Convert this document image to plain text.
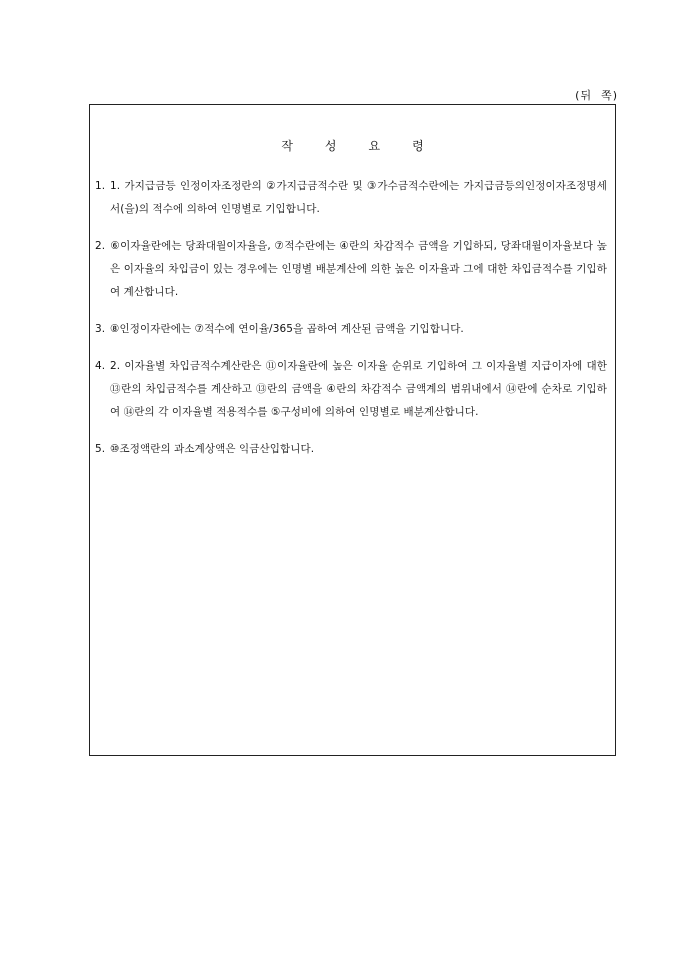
(뒤  쪽)
작	성	요	령
1. 1. 가지급금등 인정이자조정란의 ②가지급금적수란 및 ③가수금적수란에는 가지급금등의인정이자조정명세서(을)의 적수에 의하여 인명별로 기입합니다.
2. ⑥이자율란에는 당좌대월이자율을, ⑦적수란에는 ④란의 차감적수 금액을 기입하되, 당좌대월이자율보다 높은 이자율의 차입금이 있는 경우에는 인명별 배분계산에 의한 높은 이자율과 그에 대한 차입금적수를 기입하여 계산합니다.
3. ⑧인정이자란에는 ⑦적수에 연이율/365을 곱하여 계산된 금액을 기입합니다.
4. 2. 이자율별 차입금적수계산란은 ⑪이자율란에 높은 이자율 순위로 기입하여 그 이자율별 지급이자에 대한 ⑬란의 차입금적수를 계산하고 ⑬란의 금액을 ④란의 차감적수 금액계의 범위내에서 ⑭란에 순차로 기입하여 ⑭란의 각 이자율별 적용적수를 ⑤구성비에 의하여 인명별로 배분계산합니다.
5. ⑩조정액란의 과소계상액은 익금산입합니다.
